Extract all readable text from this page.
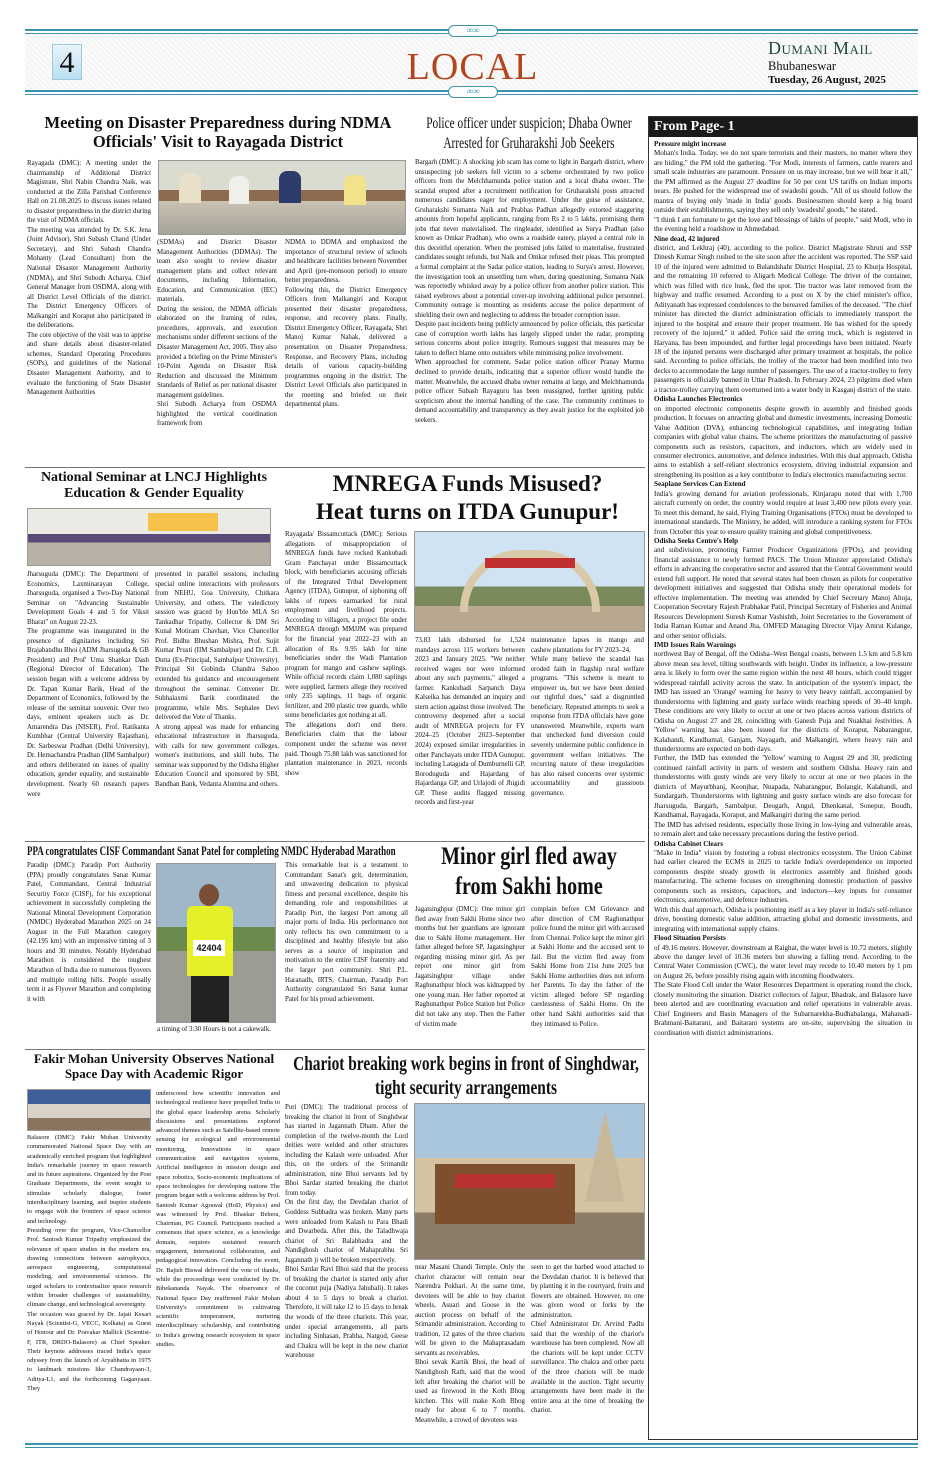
∞∞
∞∞
4	LOCAL	Dumani Mail
Bhubaneswar
Tuesday, 26 August, 2025
Meeting on Disaster Preparedness during NDMA Officials' Visit to Rayagada District

Rayagada (DMC): A meeting under the chairmanship of Additional District Magistrate, Shri Nabin Chandra Naik, was conducted at the Zilla Parishad Conference Hall on 21.08.2025 to discuss issues related to disaster preparedness in the district during the visit of NDMA officials.

The meeting was attended by Dr. S.K. Jena (Joint Advisor), Shri Subash Chand (Under Secretary), and Shri Subash Chandra Mohanty (Lead Consultant) from the National Disaster Management Authority (NDMA), and Shri Subodh Acharya, Chief General Manager from OSDMA, along with all District Level Officials of the district. The District Emergency Officers of Malkangiri and Koraput also participated in the deliberations.

The core objective of the visit was to apprise and share details about disaster-related schemes, Standard Operating Procedures (SOPs), and guidelines of the National Disaster Management Authority, and to evaluate the functioning of State Disaster Management Authorities

(SDMAs) and District Disaster Management Authorities (DDMAs). The team also sought to review disaster management plans and collect relevant documents, including Information, Education, and Communication (IEC) materials.

During the session, the NDMA officials elaborated on the framing of rules, procedures, approvals, and execution mechanisms under different sections of the Disaster Management Act, 2005. They also provided a briefing on the Prime Minister's 10-Point Agenda on Disaster Risk Reduction and discussed the Minimum Standards of Relief as per national disaster management guidelines.

Shri Subodh Acharya from OSDMA highlighted the vertical coordination framework from

NDMA to DDMA and emphasized the importance of structural review of schools and healthcare facilities between November and April (pre-monsoon period) to ensure better preparedness.

Following this, the District Emergency Officers from Malkangiri and Koraput presented their disaster preparedness, response, and recovery plans. Finally, District Emergency Officer, Rayagada, Shri Manoj Kumar Nahak, delivered a presentation on Disaster Preparedness, Response, and Recovery Plans, including details of various capacity-building programmes ongoing in the district. The District Level Officials also participated in the meeting and briefed on their departmental plans.

Police officer under suspicion; Dhaba Owner Arrested for Gruharakshi Job Seekers

Bargarh (DMC): A shocking job scam has come to light in Bargarh district, where unsuspecting job seekers fell victim to a scheme orchestrated by two police officers from the Melchhamunda police station and a local dhaba owner. The scandal erupted after a recruitment notification for Gruharakshi posts attracted numerous candidates eager for employment. Under the guise of assistance, Gruharakshi Sumanta Naik and Prabhas Padhan allegedly extorted staggering amounts from hopeful applicants, ranging from Rs 2 to 5 lakhs, promising them jobs that never materialised. The ringleader, identified as Surya Pradhan (also known as Omkar Pradhan), who owns a roadside eatery, played a central role in this deceitful operation. When the promised jobs failed to materialise, frustrated candidates sought refunds, but Naik and Omkar refused their pleas. This prompted a formal complaint at the Sadar police station, leading to Surya's arrest. However, the investigation took an unsettling turn when, during questioning, Sumanta Naik was reportedly whisked away by a police officer from another police station. This raised eyebrows about a potential cover-up involving additional police personnel. Community outrage is mounting as residents accuse the police department of shielding their own and neglecting to address the broader corruption issue.

Despite past incidents being publicly announced by police officials, this particular case of corruption worth lakhs has largely slipped under the radar, prompting serious concerns about police integrity. Rumours suggest that measures may be taken to deflect blame onto outsiders while minimising police involvement.

When approached for comment, Sadar police station officer Pranay Murmu declined to provide details, indicating that a superior officer would handle the matter. Meanwhile, the accused dhaba owner remains at large, and Melchhamunda police officer Subash Rayaguru has been reassigned, further igniting public scepticism about the internal handling of the case. The community continues to demand accountability and transparency as they await justice for the exploited job seekers.

From Page- 1
Pressure might increase

Mohan's India. Today, we do not spare terrorists and their masters, no matter where they are hiding," the PM told the gathering. "For Modi, interests of farmers, cattle rearers and small scale industries are paramount. Pressure on us may increase, but we will bear it all," the PM affirmed as the August 27 deadline for 50 per cent US tariffs on Indian imports nears. He pushed for the widespread use of swadeshi goods. "All of us should follow the mantra of buying only 'made in India' goods. Businessmen should keep a big board outside their establishments, saying they sell only 'swadeshi' goods," he stated.

"I think I am fortunate to get the love and blessings of lakhs of people," said Modi, who in the evening held a roadshow in Ahmedabad.

Nine dead, 42 injured

district, and Lekhraj (40), according to the police. District Magistrate Shruti and SSP Dinesh Kumar Singh rushed to the site soon after the accident was reported. The SSP said 10 of the injured were admitted to Bulandshahr District Hospital, 23 to Khurja Hospital, and the remaining 10 referred to Aligarh Medical College. The driver of the container, which was filled with rice husk, fled the spot. The tractor was later removed from the highway and traffic resumed. According to a post on X by the chief minister's office, Adityanath has expressed condolences to the bereaved families of the deceased. "The chief minister has directed the district administration officials to immediately transport the injured to the hospital and ensure their proper treatment. He has wished for the speedy recovery of the injured," it added. Police said the erring truck, which is registered in Haryana, has been impounded, and further legal proceedings have been initiated. Nearly 18 of the injured persons were discharged after primary treatment at hospitals, the police said. According to police officials, the trolley of the tractor had been modified into two decks to accommodate the large number of passengers. The use of a tractor-trolley to ferry passengers is officially banned in Uttar Pradesh. In February 2024, 23 pilgrims died when a tractor-trolley carrying them overturned into a water body in Kasganj district of the state.

Odisha Launches Electronics

on imported electronic components despite growth in assembly and finished goods production. It focuses on attracting global and domestic investments, increasing Domestic Value Addition (DVA), enhancing technological capabilities, and integrating Indian companies with global value chains. The scheme prioritizes the manufacturing of passive components such as resistors, capacitors, and inductors, which are widely used in consumer electronics, automotive, and defence industries. With this dual approach, Odisha aims to establish a self-reliant electronics ecosystem, driving industrial expansion and strengthening its position as a key contributor to India's electronics manufacturing sector.

Seaplane Services Can Extend

India's growing demand for aviation professionals, Kinjarapu noted that with 1,700 aircraft currently on order, the country would require at least 3,400 new pilots every year. To meet this demand, he said, Flying Training Organisations (FTOs) must be developed to international standards. The Ministry, he added, will introduce a ranking system for FTOs from October this year to ensure quality training and global competitiveness.

Odisha Seeks Centre's Help

and subdivision, promoting Farmer Producer Organizations (FPOs), and providing financial assistance to newly formed PACS. The Union Minister appreciated Odisha's efforts in advancing the cooperative sector and assured that the Central Government would extend full support. He noted that several states had been chosen as pilots for cooperative development initiatives and suggested that Odisha study their operational models for effective implementation. The meeting was attended by Chief Secretary Manoj Ahuja, Cooperation Secretary Rajesh Prabhakar Patil, Principal Secretary of Fisheries and Animal Resources Development Suresh Kumar Vashishth, Joint Secretaries to the Government of India Raman Kumar and Anand Jha, OMFED Managing Director Vijay Amrut Kulange, and other senior officials.

IMD Issues Rain Warnings

northwest Bay of Bengal, off the Odisha–West Bengal coasts, between 1.5 km and 5.8 km above mean sea level, tilting southwards with height. Under its influence, a low-pressure area is likely to form over the same region within the next 48 hours, which could trigger widespread rainfall activity across the state. In anticipation of the system's impact, the IMD has issued an 'Orange' warning for heavy to very heavy rainfall, accompanied by thunderstorms with lightning and gusty surface winds reaching speeds of 30–40 kmph. These conditions are very likely to occur at one or two places across various districts of Odisha on August 27 and 28, coinciding with Ganesh Puja and Nuakhai festivities. A 'Yellow' warning has also been issued for the districts of Koraput, Nabarangpur, Kalahandi, Kandhamal, Ganjam, Nayagarh, and Malkangiri, where heavy rain and thunderstorms are expected on both days.

Further, the IMD has extended the 'Yellow' warning to August 29 and 30, predicting continued rainfall activity in parts of western and southern Odisha. Heavy rain and thunderstorms with gusty winds are very likely to occur at one or two places in the districts of Mayurbhanj, Keonjhar, Nuapada, Nabarangpur, Bolangir, Kalahandi, and Sundargarh. Thunderstorms with lightning and gusty surface winds are also forecast for Jharsuguda, Bargarh, Sambalpur, Deogarh, Angul, Dhenkanal, Sonepur, Boudh, Kandhamal, Rayagada, Koraput, and Malkangiri during the same period.

The IMD has advised residents, especially those living in low-lying and vulnerable areas, to remain alert and take necessary precautions during the festive period.

Odisha Cabinet Clears

"Make in India" vision by fostering a robust electronics ecosystem. The Union Cabinet had earlier cleared the ECMS in 2025 to tackle India's overdependence on imported components despite steady growth in electronics assembly and finished goods manufacturing. The scheme focuses on strengthening domestic production of passive components such as resistors, capacitors, and inductors—key inputs for consumer electronics, automotive, and defence industries.

With this dual approach, Odisha is positioning itself as a key player in India's self-reliance drive, boosting domestic value addition, attracting global and domestic investments, and integrating with international supply chains.

Flood Situation Persists

of 49.16 meters. However, downstream at Raighat, the water level is 10.72 meters, slightly above the danger level of 10.36 meters but showing a falling trend. According to the Central Water Commission (CWC), the water level may recede to 10.40 meters by 1 pm on August 26, before possibly rising again with incoming floodwaters.

The State Flood Cell under the Water Resources Department is operating round the clock, closely monitoring the situation. District collectors of Jajpur, Bhadrak, and Balasore have been alerted and are coordinating evacuation and relief operations in vulnerable areas. Chief Engineers and Basin Managers of the Subarnarekha-Budhabalanga, Mahanadi-Brahmani-Baitarani, and Baitarani systems are on-site, supervising the situation in coordination with district administrations.

National Seminar at LNCJ Highlights Education & Gender Equality

Jharsuguda (DMC): The Department of Economics, Laxminarayan College, Jharsuguda, organised a Two-Day National Seminar on "Advancing Sustainable Development Goals 4 and 5 for Viksit Bharat" on August 22-23.

The programme was inaugurated in the presence of dignitaries including Sri Brajabandhu Bhoi (ADM Jharsuguda & GB President) and Prof' Uma Shankar Dash (Regional Director of Education). The session began with a welcome address by Dr. Tapan Kumar Barik, Head of the Department of Economics, followed by the release of the seminar souvenir. Over two days, eminent speakers such as Dr. Amarendra Das (NISER), Prof. Ratikanta Kumbhar (Central University Rajasthan), Dr. Sarbeswar Pradhan (Delhi University), Dr. Hemachandra Pradhan (IIM Sambalpur) and others deliberated on issues of quality education, gender equality, and sustainable development. Nearly 60 research papers were

presented in parallel sessions, including special online interactions with professors from NEHU, Goa University, Chitkara University, and others. The valedictory session was graced by Hon'ble MLA Sri Tankadhar Tripathy, Collector & DM Sri Kunal Motiram Chavhan, Vice Chancellor Prof. Bidhu Bhushan Mishra, Prof. Sujit Kumar Prusti (IIM Sambalpur) and Dr. C.B. Dutta (Ex-Principal, Sambalpur University). Principal Sri Gobinda Chandra Sahoo extended his guidance and encouragement throughout the seminar. Convener Dr. Subhalaxmi Barik coordinated the programme, while Mrs. Sephalee Devi delivered the Vote of Thanks.

A strong appeal was made for enhancing educational infrastructure in Jharsuguda, with calls for new government colleges, women's institutions, and skill hubs. The seminar was supported by the Odisha Higher Education Council and sponsored by SBI, Bandhan Bank, Vedanta Alumina and others.

MNREGA Funds Misused?
Heat turns on ITDA Gunupur!

Rayagada/ Bissamcuttack (DMC): Serious allegations of misappropriation of MNREGA funds have rocked Kankubadi Gram Panchayat under Bissamcuttack block, with beneficiaries accusing officials of the Integrated Tribal Development Agency (ITDA), Gunupur, of siphoning off lakhs of rupees earmarked for rural employment and livelihood projects. According to villagers, a project file under MNREGA through MMJJM was prepared for the financial year 2022–23 with an allocation of Rs. 9.95 lakh for nine beneficiaries under the Wadi Plantation program for mango and cashew saplings. While official records claim 1,080 saplings were supplied, farmers allege they received only 235 saplings, 11 bags of organic fertilizer, and 200 plastic tree guards, while some beneficiaries got nothing at all.

The allegations don't end there. Beneficiaries claim that the labour component under the scheme was never paid. Though 75.88 lakh was sanctioned for plantation maintenance in 2023, records show

73.83 lakh disbursed for 1,524 mandays across 115 workers between 2023 and January 2025. "We neither received wages nor were informed about any such payments," alleged a farmer. Kankubadi Sarpanch Daya Kalseika has demanded an inquiry and stern action against those involved. The controversy deepened after a social audit of MNREGA projects for FY 2024–25 (October 2023–September 2024) exposed similar irregularities in other Panchayats under ITDA Gunupur, including Lataguda of Dumburnelli GP, Boroduguda and Hajardang of Hajardanga GP, and Urlajodi of Jhigidi GP. These audits flagged missing records and first-year

maintenance lapses in mango and cashew plantations for FY 2023–24.

While many believe the scandal has eroded faith in flagship rural welfare programs. "This scheme is meant to empower us, but we have been denied our rightful dues," said a disgruntled beneficiary. Repeated attempts to seek a response from ITDA officials have gone unanswered. Meanwhile, experts warn that unchecked fund diversion could severely undermine public confidence in government welfare initiatives. The recurring nature of these irregularities has also raised concerns over systemic accountability and grassroots governance.

PPA congratulates CISF Commandant Sanat Patel for completing NMDC Hyderabad Marathon

Paradip (DMC): Paradip Port Authority (PPA) proudly congratulates Sanat Kumar Patel, Commandant, Central Industrial Security Force (CISF), for his exceptional achievement in successfully completing the National Mineral Development Corporation (NMDC) Hyderabad Marathon 2025 on 24 August in the Full Marathon category (42.195 km) with an impressive timing of 3 hours and 30 minutes. Notably Hyderabad Marathon is considered the toughest Marathon of India due to numerous flyovers and multiple rolling hills. People usually term it as Flyover Marathon and completing it with

42404

a timing of 3:30 Hours is not a cakewalk.

This remarkable feat is a testament to Commandant Sanat's grit, determination, and unwavering dedication to physical fitness and personal excellence, despite his demanding role and responsibilities at Paradip Port, the largest Port among all major ports of India. His performance not only reflects his own commitment to a disciplined and healthy lifestyle but also serves as a source of inspiration and motivation to the entire CISF fraternity and the larger port community. Shri P.L. Haranadh, IRTS, Chairman, Paradip Port Authority congratulated Sri Sanat kumar Patel for his proud achievement.

Minor girl fled away
from Sakhi home

Jagatsinghpur (DMC): One minor girl fled away from Sakhi Home since two months but her guardians are ignorant due to Sakhi Home management. Her father alleged before SP, Jagatsinghpur regarding missing minor girl. As per report one minor girl from Jagatsinghpur village under Raghunathpur block was kidnapped by one young man. Her father reported at Raghunathpur Police Station but Police did not take any step. Then the Father of victim made

complain before CM Grievance and after direction of CM Raghunathpur police found the minor girl with accused from Chennai. Police kept the minor girl at Sakhi Home and the accused sent to Jail. But the victim fled away from Sakhi Home from 21st June 2025 but Sakhi Home authorities does not inform her Parents. To day the father of the victim alleged before SP regarding carelessness of Sakhi Home. On the other hand Sakhi authorities said that they intimated to Police.

Fakir Mohan University Observes National Space Day with Academic Rigor

Balasore (DMC): Fakir Mohan University commemorated National Space Day with an academically enriched program that highlighted India's remarkable journey in space research and its future aspirations. Organized by the Post Graduate Departments, the event sought to stimulate scholarly dialogue, foster interdisciplinary learning, and inspire students to engage with the frontiers of space science and technology.

Presiding over the program, Vice-Chancellor Prof. Santosh Kumar Tripathy emphasized the relevance of space studies in the modern era, drawing connections between astrophysics, aerospace engineering, computational modeling, and environmental sciences. He urged scholars to contextualize space research within broader challenges of sustainability, climate change, and technological sovereignty.

The occasion was graced by Dr. Jajati Kesari Nayak (Scientist-G, VECC, Kolkata) as Guest of Honour and Dr. Pravakar Mallick (Scientist-F, ITR, DRDO-Balasore) as Chief Speaker. Their keynote addresses traced India's space odyssey from the launch of Aryabhatta in 1975 to landmark missions like Chandrayaan-3, Aditya-L1, and the forthcoming Gaganyaan. They

underscored how scientific innovation and technological resilience have propelled India to the global space leadership arena. Scholarly discussions and presentations explored advanced themes such as Satellite-based remote sensing for ecological and environmental monitoring, Innovations in space communication and navigation systems, Artificial intelligence in mission design and space robotics, Socio-economic implications of space technologies for developing nations The program began with a welcome address by Prof. Santosh Kumar Agrawal (HoD, Physics) and was witnessed by Prof. Bhaskar Behera, Chairman, PG Council. Participants reached a consensus that space science, as a knowledge domain, requires sustained research engagement, international collaboration, and pedagogical innovation. Concluding the event, Dr. Bajish Biswal delivered the vote of thanks, while the proceedings were conducted by Dr. Bibekananda Nayak. The observance of National Space Day reaffirmed Fakir Mohan University's commitment to cultivating scientific temperament, nurturing interdisciplinary scholarship, and contributing to India's growing research ecosystem in space studies.

Chariot breaking work begins in front of Singhdwar, tight security arrangements

Puri (DMC): The traditional process of breaking the chariot in front of Singhdwar has started in Jagannath Dham. After the completion of the twelve-month the Lord deities were welded and other structures including the Kalash were unloaded. After this, on the orders of the Srimandir administration, nine Bhoi servants led by Bhoi Sardar started breaking the chariot from today.

On the first day, the Devdalan chariot of Goddess Subhadra was broken. Many parts were unloaded from Kalash to Para Bhadi and Dwarbeda. After this, the Taladhwaja chariot of Sri Balabhadra and the Nandighosh chariot of Mahaprabhu Sri Jagannath ji will be broken respectively.

Bhoi Sardar Ravi Bhoi said that the process of breaking the chariot is started only after the coconut puja (Nadiya Jahubali). It takes about 4 to 5 days to break a chariot. Therefore, it will take 12 to 15 days to break the woods of the three chariots. This year, under special arrangements, all parts including Sinhasan, Prabha, Natgod, Geese and Chakra will be kept in the new chariot warehouse

near Masani Chandi Temple. Only the chariot character will remain near Narendra Pokhari. At the same time, devotees will be able to buy chariot wheels, Asuari and Goose in the auction process on behalf of the Srimandir administration. According to tradition, 12 gates of the three chariots will be given to the Mahaprasadam servants as receivables.

Bhoi sevak Kartik Bhoi, the head of Nandighosh Rath, said that the wood left after breaking the chariot will be used as firewood in the Koth Bhog kitchen. This will make Koth Bhog ready for about 6 to 7 months. Meanwhile, a crowd of devotees was

seen to get the barbed wood attached to the Devdalan chariot. It is believed that by planting it in the courtyard, fruits and flowers are obtained. However, no one was given wood or forks by the administration.

Chief Administrator Dr. Arvind Padhi said that the worship of the chariot's warehouse has been completed. Now all the chariots will be kept under CCTV surveillance. The chakra and other parts of the three chariots will be made available in the auction. Tight security arrangements have been made in the entire area at the time of breaking the chariot.
